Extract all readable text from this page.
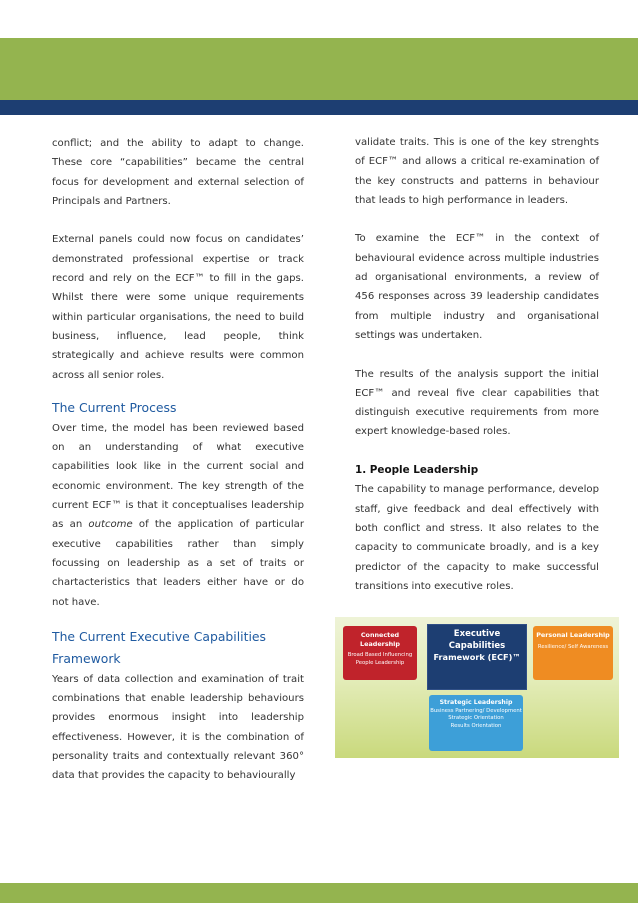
conflict; and the ability to adapt to change. These core “capabilities” became the central focus for development and external selection of Principals and Partners.

External panels could now focus on candidates’ demonstrated professional expertise or track record and rely on the ECF™ to fill in the gaps. Whilst there were some unique requirements within particular organisations, the need to build business, influence, lead people, think strategically and achieve results were common across all senior roles.

The Current Process

Over time, the model has been reviewed based on an understanding of what executive capabilities look like in the current social and economic environment. The key strength of the current ECF™ is that it conceptualises leadership as an outcome of the application of particular executive capabilities rather than simply focussing on leadership as a set of traits or chartacteristics that leaders either have or do not have.

The Current Executive Capabilities Framework

Years of data collection and examination of trait combinations that enable leadership behaviours provides enormous insight into leadership effectiveness. However, it is the combination of personality traits and contextually relevant 360° data that provides the capacity to behaviourally

validate traits. This is one of the key strenghts of ECF™ and allows a critical re-examination of the key constructs and patterns in behaviour that leads to high performance in leaders.

To examine the ECF™ in the context of behavioural evidence across multiple industries ad organisational environments, a review of 456 responses across 39 leadership candidates from multiple industry and organisational settings was undertaken.

The results of the analysis support the initial ECF™ and reveal five clear capabilities that distinguish executive requirements from more expert knowledge-based roles.

1. People Leadership

The capability to manage performance, develop staff, give feedback and deal effectively with both conflict and stress. It also relates to the capacity to communicate broadly, and is a key predictor of the capacity to make successful transitions into executive roles.

Connected Leadership
Broad Based Influencing People Leadership
Executive Capabilities
Framework (ECF)™
Personal Leadership
Resilience/ Self Awareness
Strategic Leadership
Business Partnering/ Development
Strategic Orientation
Results Orientation
